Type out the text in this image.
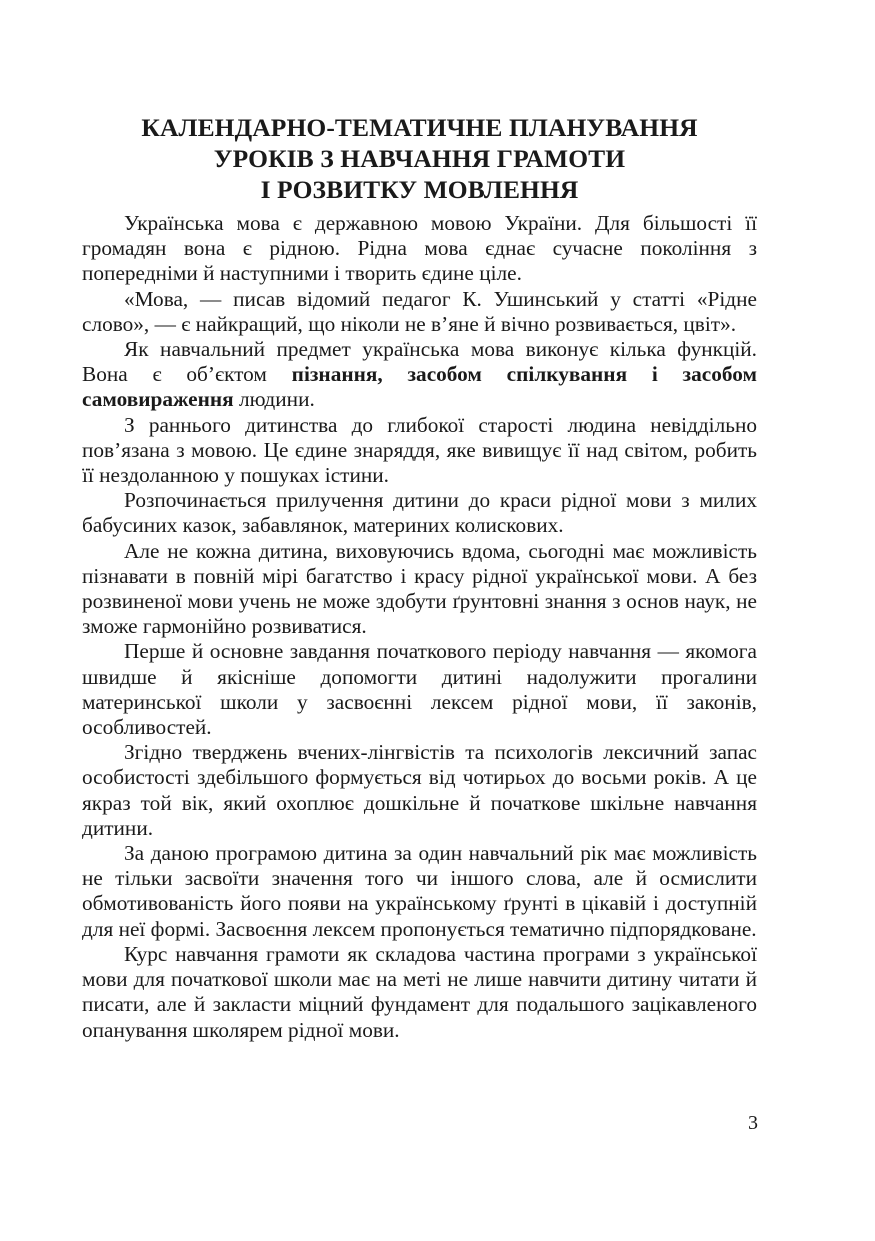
КАЛЕНДАРНО-ТЕМАТИЧНЕ ПЛАНУВАННЯ
УРОКІВ З НАВЧАННЯ ГРАМОТИ
І РОЗВИТКУ МОВЛЕННЯ

Українська мова є державною мовою України. Для більшості її громадян вона є рідною. Рідна мова єднає сучасне покоління з попередніми й наступними і творить єдине ціле.

«Мова, — писав відомий педагог К. Ушинський у статті «Рідне слово», — є найкращий, що ніколи не в’яне й вічно розвивається, цвіт».

Як навчальний предмет українська мова виконує кілька функцій. Вона є об’єктом пізнання, засобом спілкування і засобом самовираження людини.

З раннього дитинства до глибокої старості людина невіддільно пов’язана з мовою. Це єдине знаряддя, яке вивищує її над світом, робить її нездоланною у пошуках істини.

Розпочинається прилучення дитини до краси рідної мови з милих бабусиних казок, забавлянок, материних колискових.

Але не кожна дитина, виховуючись вдома, сьогодні має можливість пізнавати в повній мірі багатство і красу рідної української мови. А без розвиненої мови учень не може здобути ґрунтовні знання з основ наук, не зможе гармонійно розвиватися.

Перше й основне завдання початкового періоду навчання — якомога швидше й якісніше допомогти дитині надолужити прогалини материнської школи у засвоєнні лексем рідної мови, її законів, особливостей.

Згідно тверджень вчених-лінгвістів та психологів лексичний запас особистості здебільшого формується від чотирьох до восьми років. А це якраз той вік, який охоплює дошкільне й початкове шкільне навчання дитини.

За даною програмою дитина за один навчальний рік має можливість не тільки засвоїти значення того чи іншого слова, але й осмислити обмотивованість його появи на українському ґрунті в цікавій і доступній для неї формі. Засвоєння лексем пропонується тематично підпорядковане.

Курс навчання грамоти як складова частина програми з української мови для початкової школи має на меті не лише навчити дитину читати й писати, але й закласти міцний фундамент для подальшого зацікавленого опанування школярем рідної мови.

3
